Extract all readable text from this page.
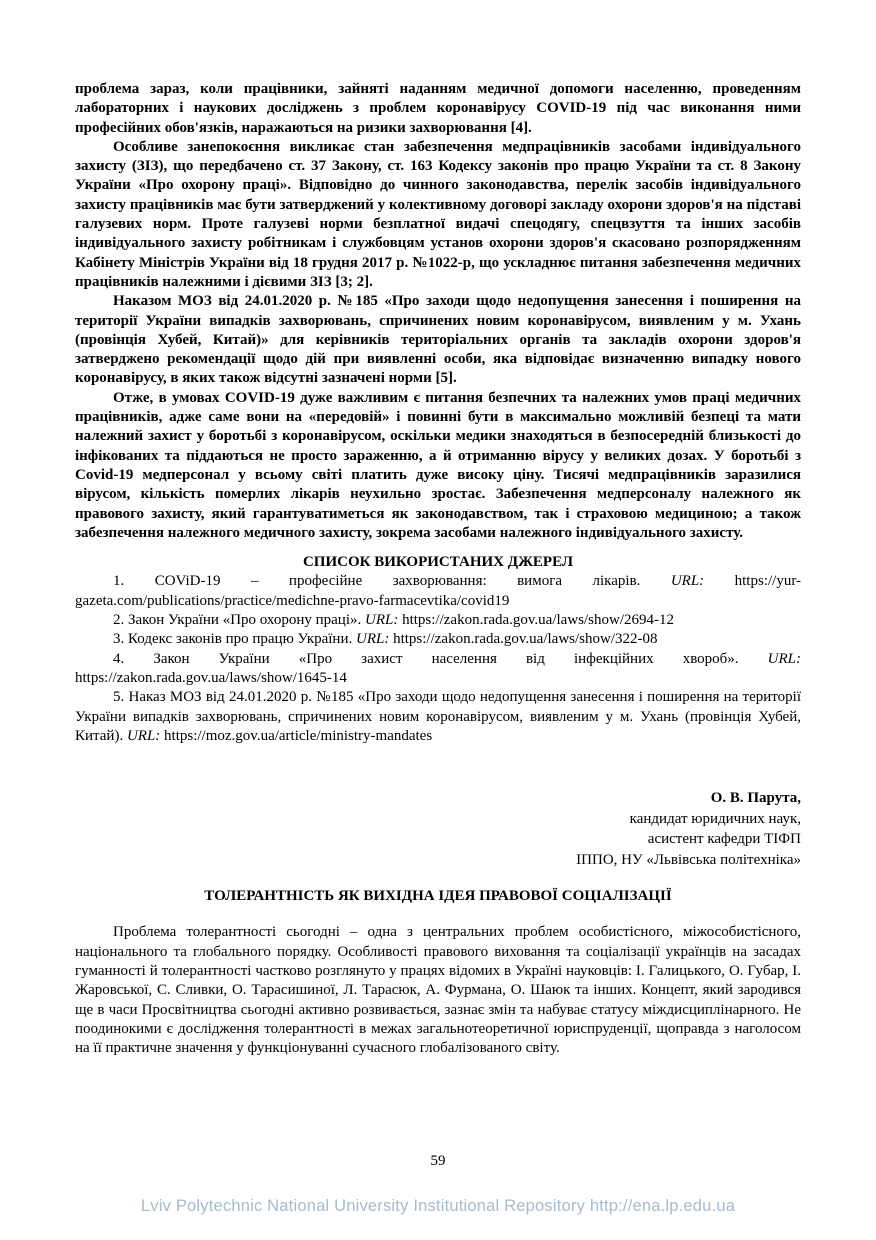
проблема зараз, коли працівники, зайняті наданням медичної допомоги населенню, проведенням лабораторних і наукових досліджень з проблем коронавірусу COVID-19 під час виконання ними професійних обов'язків, наражаються на ризики захворювання [4].

Особливе занепокоєння викликає стан забезпечення медпрацівників засобами індивідуального захисту (ЗІЗ), що передбачено ст. 37 Закону, ст. 163 Кодексу законів про працю України та ст. 8 Закону України «Про охорону праці». Відповідно до чинного законодавства, перелік засобів індивідуального захисту працівників має бути затверджений у колективному договорі закладу охорони здоров'я на підставі галузевих норм. Проте галузеві норми безплатної видачі спецодягу, спецвзуття та інших засобів індивідуального захисту робітникам і службовцям установ охорони здоров'я скасовано розпорядженням Кабінету Міністрів України від 18 грудня 2017 р. №1022-р, що ускладнює питання забезпечення медичних працівників належними і дієвими ЗІЗ [3; 2].

Наказом МОЗ від 24.01.2020 р. №185 «Про заходи щодо недопущення занесення і поширення на території України випадків захворювань, спричинених новим коронавірусом, виявленим у м. Ухань (провінція Хубей, Китай)» для керівників територіальних органів та закладів охорони здоров'я затверджено рекомендації щодо дій при виявленні особи, яка відповідає визначенню випадку нового коронавірусу, в яких також відсутні зазначені норми [5].

Отже, в умовах COVID-19 дуже важливим є питання безпечних та належних умов праці медичних працівників, адже саме вони на «передовій» і повинні бути в максимально можливій безпеці та мати належний захист у боротьбі з коронавірусом, оскільки медики знаходяться в безпосередній близькості до інфікованих та піддаються не просто зараженню, а й отриманню вірусу у великих дозах. У боротьбі з Covid-19 медперсонал у всьому світі платить дуже високу ціну. Тисячі медпрацівників заразилися вірусом, кількість померлих лікарів неухильно зростає. Забезпечення медперсоналу належного як правового захисту, який гарантуватиметься як законодавством, так і страховою медициною; а також забезпечення належного медичного захисту, зокрема засобами належного індивідуального захисту.

СПИСОК ВИКОРИСТАНИХ ДЖЕРЕЛ

1. COViD-19 – професійне захворювання: вимога лікарів. URL: https://yur-gazeta.com/publications/practice/medichne-pravo-farmacevtika/covid19

2. Закон України «Про охорону праці». URL: https://zakon.rada.gov.ua/laws/show/2694-12

3. Кодекс законів про працю України. URL: https://zakon.rada.gov.ua/laws/show/322-08

4. Закон України «Про захист населення від інфекційних хвороб». URL: https://zakon.rada.gov.ua/laws/show/1645-14

5. Наказ МОЗ від 24.01.2020 р. №185 «Про заходи щодо недопущення занесення і поширення на території України випадків захворювань, спричинених новим коронавірусом, виявленим у м. Ухань (провінція Хубей, Китай). URL: https://moz.gov.ua/article/ministry-mandates

О. В. Парута,
кандидат юридичних наук,
асистент кафедри ТІФП
ІППО, НУ «Львівська політехніка»
ТОЛЕРАНТНІСТЬ ЯК ВИХІДНА ІДЕЯ ПРАВОВОЇ СОЦІАЛІЗАЦІЇ

Проблема толерантності сьогодні – одна з центральних проблем особистісного, міжособистісного, національного та глобального порядку. Особливості правового виховання та соціалізації українців на засадах гуманності й толерантності частково розглянуто у працях відомих в Україні науковців: І. Галицького, О. Губар, І. Жаровської, С. Сливки, О. Тарасишиної, Л. Тарасюк, А. Фурмана, О. Шаюк та інших. Концепт, який зародився ще в часи Просвітництва сьогодні активно розвивається, зазнає змін та набуває статусу міждисциплінарного. Не поодинокими є дослідження толерантності в межах загальнотеоретичної юриспруденції, щоправда з наголосом на її практичне значення у функціонуванні сучасного глобалізованого світу.

59
Lviv Polytechnic National University Institutional Repository http://ena.lp.edu.ua
